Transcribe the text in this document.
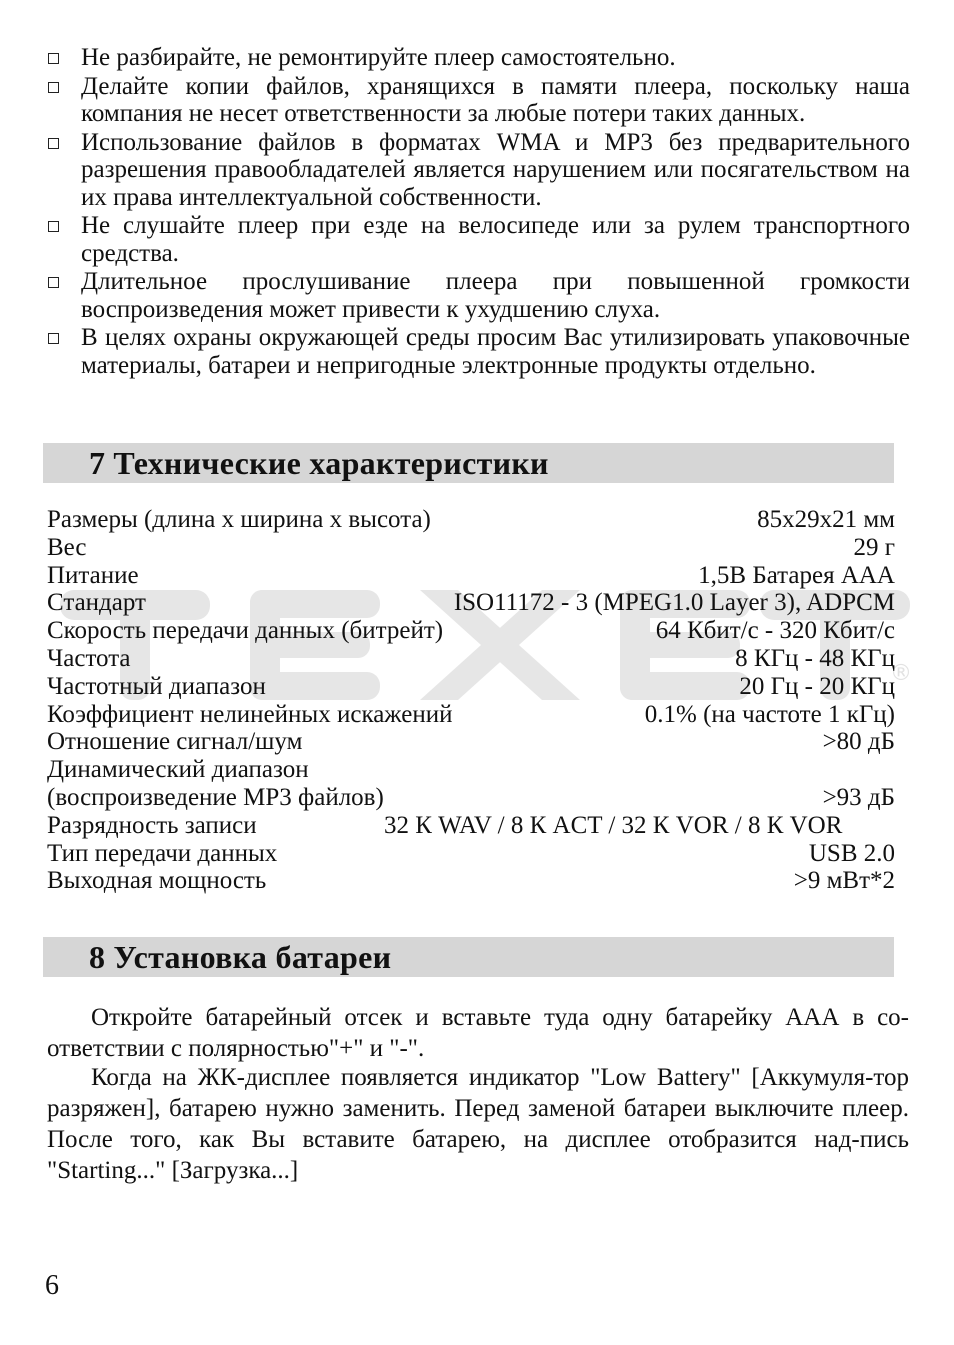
®
Не разбирайте, не ремонтируйте плеер самостоятельно.
Делайте копии файлов, хранящихся в памяти плеера, поскольку наша компания не несет ответственности за любые потери таких данных.
Использование файлов в форматах WMA и MP3 без предварительного разрешения правообладателей является нарушением или посягательством на их права интеллектуальной собственности.
Не слушайте плеер при езде на велосипеде или за рулем транспортного средства.
Длительное прослушивание плеера при повышенной громкости воспроизведения может привести к ухудшению слуха.
В целях охраны окружающей среды просим Вас утилизировать упаковочные материалы, батареи и непригодные электронные продукты отдельно.
7 Технические характеристики
Размеры (длина х ширина х высота)	85x29x21 мм
Вес	29 г
Питание	1,5В Батарея ААА
Стандарт	ISO11172 - 3 (MPEG1.0 Layer 3), ADPCM
Скорость передачи данных (битрейт)	64 Кбит/с - 320 Кбит/с
Частота	8 КГц - 48 КГц
Частотный диапазон	20 Гц - 20 КГц
Коэффициент нелинейных искажений	0.1% (на частоте 1 кГц)
Отношение сигнал/шум	>80 дБ
Динамический диапазон
(воспроизведение МР3 файлов)	>93 дБ
Разрядность записи	32 К WAV / 8 К ACT / 32 К VOR / 8 К VOR
Тип передачи данных	USB 2.0
Выходная мощность	>9 мВт*2
8 Установка батареи

Откройте батарейный отсек и вставьте туда одну батарейку ААА в со-ответствии с полярностью"+" и "-".

Когда на ЖК-дисплее появляется индикатор "Low Battery" [Аккумуля-тор разряжен], батарею нужно заменить. Перед заменой батареи выключите плеер. После того, как Вы вставите батарею, на дисплее отобразится над-пись "Starting..." [Загрузка...]

6
